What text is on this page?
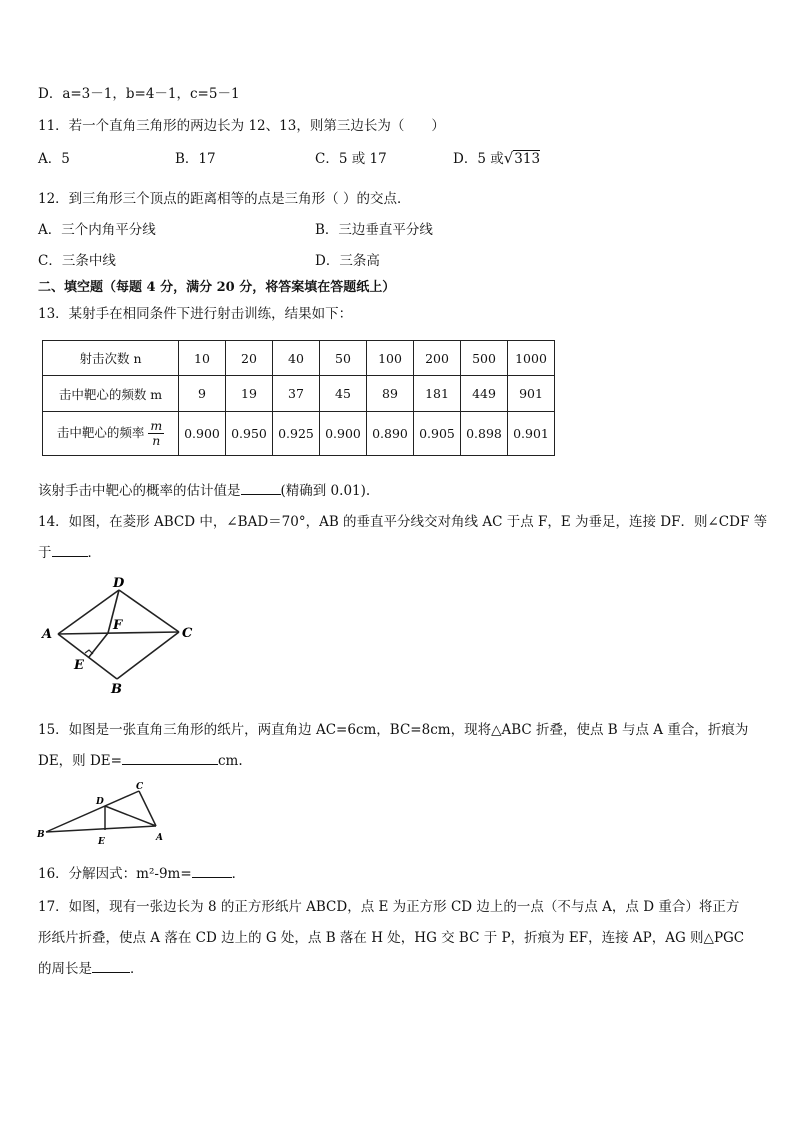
D．a=3－1，b=4－1，c=5－1
11．若一个直角三角形的两边长为 12、13，则第三边长为（　　）
A．5	B．17	C．5 或 17	D．5 或√313
12．到三角形三个顶点的距离相等的点是三角形（ ）的交点．
A．三个内角平分线	B．三边垂直平分线
C．三条中线	D．三条高
二、填空题（每题 4 分，满分 20 分，将答案填在答题纸上）
13．某射手在相同条件下进行射击训练，结果如下：
射击次数 n	10	20	40	50	100	200	500	1000
击中靶心的频数 m	9	19	37	45	89	181	449	901
击中靶心的频率 $\frac{m}{n}$	0.900	0.950	0.925	0.900	0.890	0.905	0.898	0.901
该射手击中靶心的概率的估计值是	(精确到 0.01).
14．如图，在菱形 ABCD 中，∠BAD＝70°，AB 的垂直平分线交对角线 AC 于点 F，E 为垂足，连接 DF．则∠CDF 等
于	．
D
A
F
C
E
B
15．如图是一张直角三角形的纸片，两直角边 AC=6cm，BC=8cm，现将△ABC 折叠，使点 B 与点 A 重合，折痕为
DE，则 DE=	cm.
C
D
B
E	A
16．分解因式：m²-9m=	．
17．如图，现有一张边长为 8 的正方形纸片 ABCD，点 E 为正方形 CD 边上的一点（不与点 A，点 D 重合）将正方
形纸片折叠，使点 A 落在 CD 边上的 G 处，点 B 落在 H 处，HG 交 BC 于 P，折痕为 EF，连接 AP，AG 则△PGC
的周长是	．
